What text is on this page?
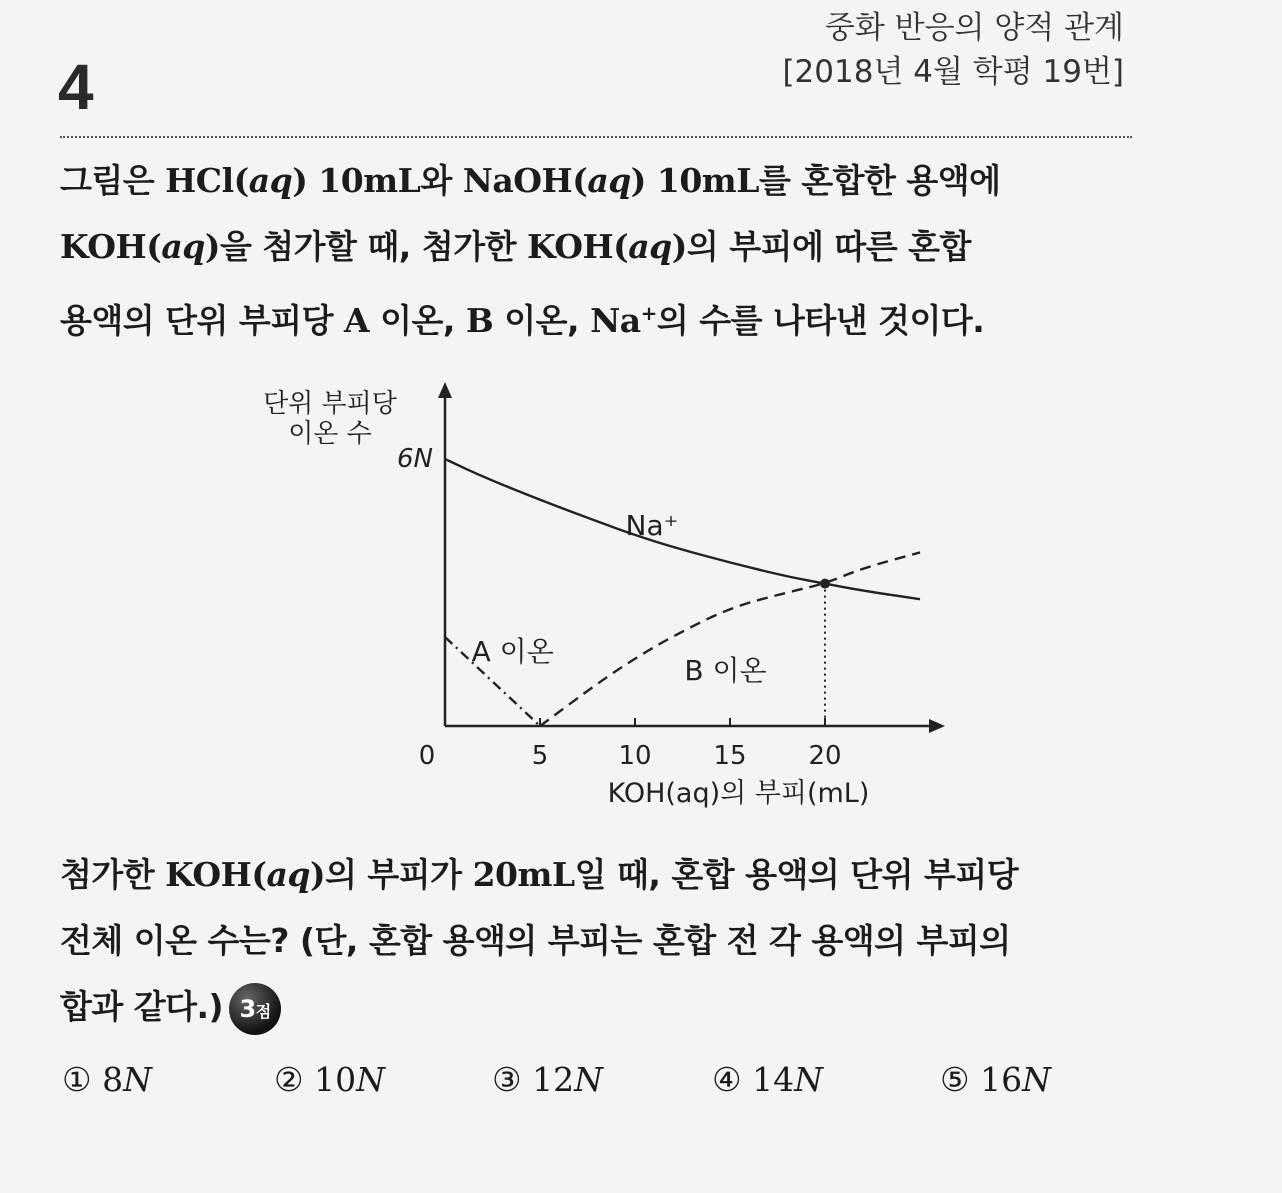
4
중화 반응의 양적 관계
[2018년 4월 학평 19번]
그림은 HCl(aq) 10mL와 NaOH(aq) 10mL를 혼합한 용액에
KOH(aq)을 첨가할 때, 첨가한 KOH(aq)의 부피에 따른 혼합
용액의 단위 부피당 A 이온, B 이온, Na+의 수를 나타낸 것이다.
0	5	10 15 20
6N
단위 부피당
이온 수
KOH(aq)의 부피(mL)
Na⁺
A 이온
B 이온
첨가한 KOH(aq)의 부피가 20mL일 때, 혼합 용액의 단위 부피당
전체 이온 수는? (단, 혼합 용액의 부피는 혼합 전 각 용액의 부피의
합과 같다.) 3점
① 8N	② 10N	③ 12N	④ 14N	⑤ 16N
